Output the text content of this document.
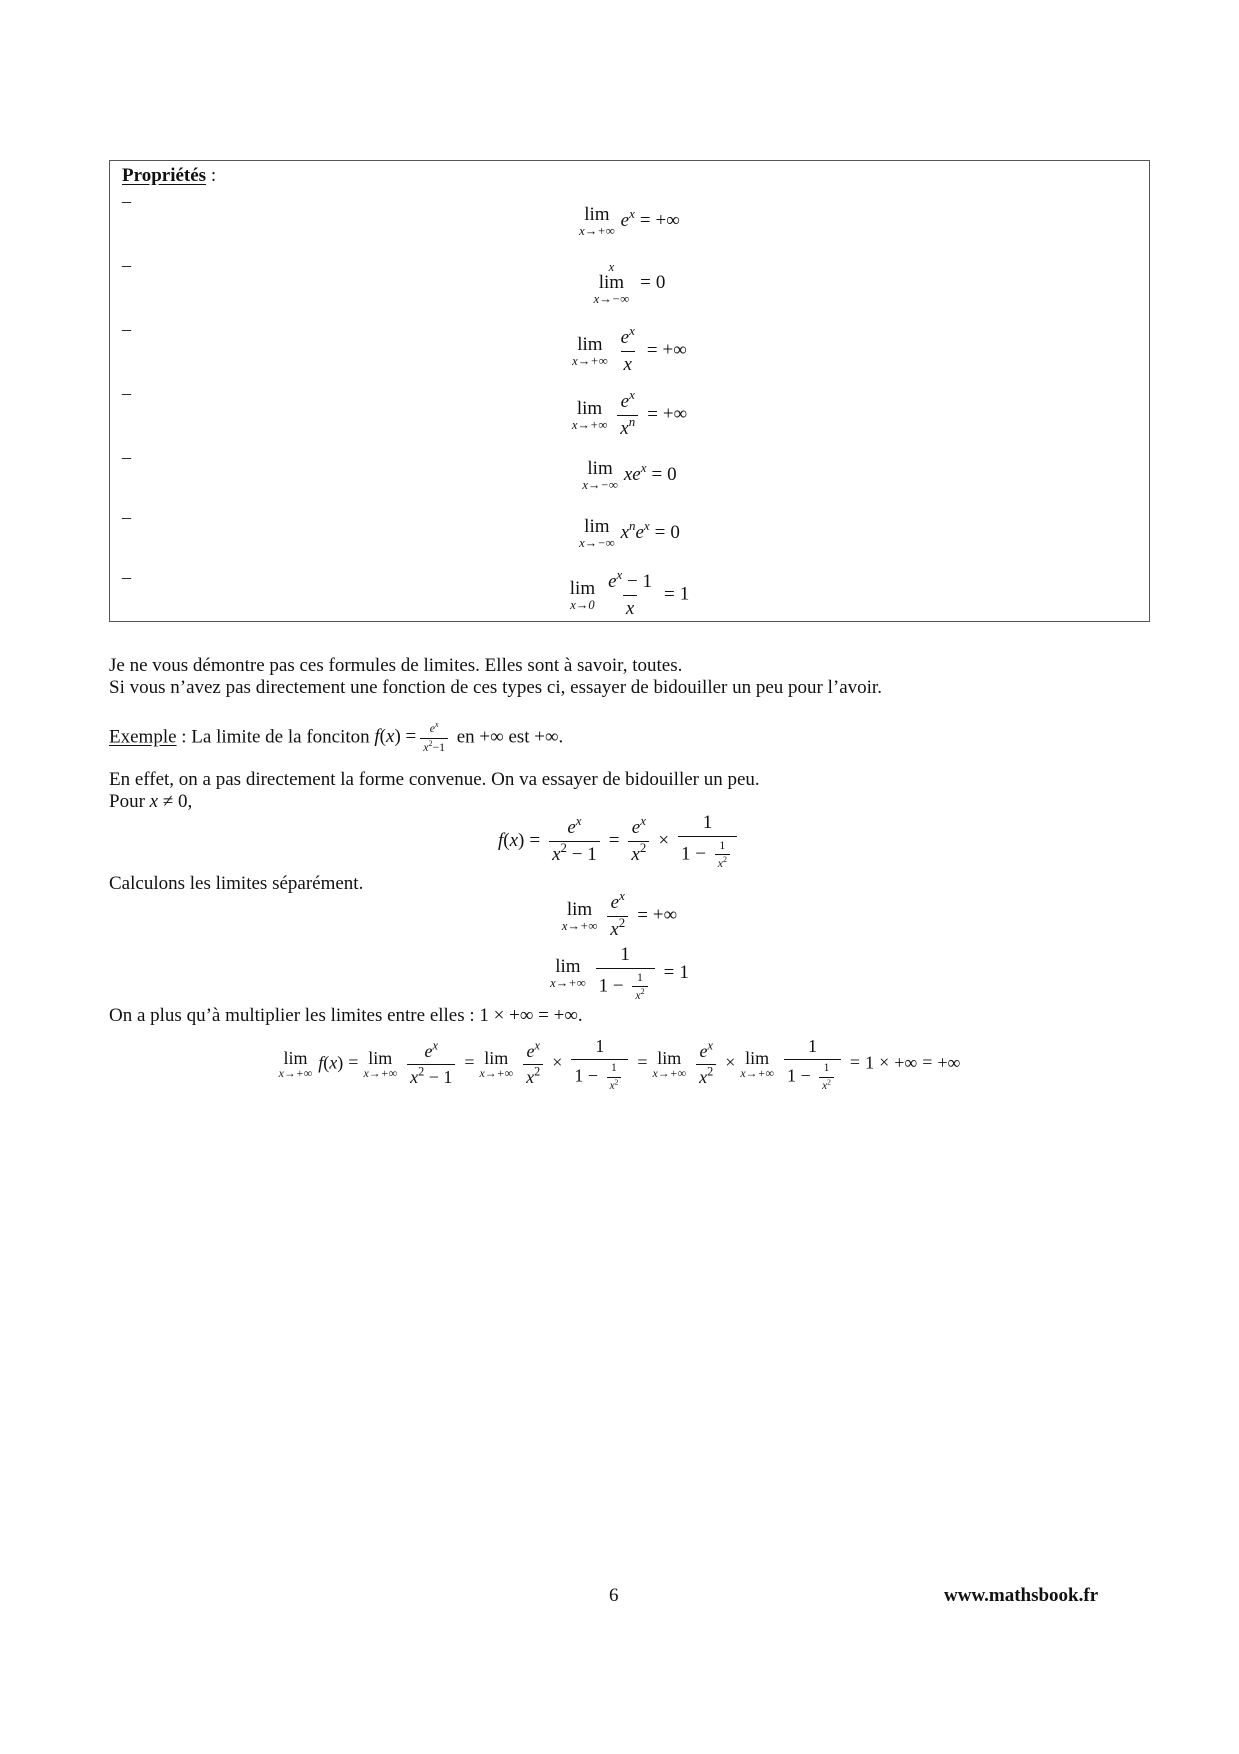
Propriétés :
–
lim
x→+∞
$e^x$ = +∞
–	x
lim
x→−∞
= 0
–
lim
$x\to+\infty \frac{e^x}{x}$ = +∞
–
lim
$x\to+\infty \frac{e^x}{x^n}$ = +∞
–
lim
x→−∞
$xe^x = 0$
–	lim
x→−∞
$x^ne^x = 0$
–
lim
$x\to 0 \frac{e^x - 1}{x} = 1$
Je ne vous démontre pas ces formules de limites. Elles sont à savoir, toutes.
Si vous n’avez pas directement une fonction de ces types ci, essayer de bidouiller un peu pour l’avoir.
Exemple : La limite de la fonciton $f(x) = \frac{e^x}{x^2-1}$ en +∞ est +∞.
En effet, on a pas directement la forme convenue. On va essayer de bidouiller un peu.
Pour x ≠ 0,
$f(x) = \frac{e^x}{x^2 - 1} = \frac{e^x}{x^2} \times \frac{1}{1 - \frac{1}{x^2}}$
Calculons les limites séparément.
lim
$x\to+\infty \frac{e^x}{x^2}$ = +∞
lim
$x\to+\infty \frac{1}{1 - \frac{1}{x^2}} = 1$
On a plus qu’à multiplier les limites entre elles : 1 × +∞ = +∞.
lim
x→+∞
f(x) = lim
$x\to+\infty \frac{e^x}{x^2 - 1} = \lim$
$x\to+\infty \frac{e^x}{x^2} \times \frac{1}{1 - \frac{1}{x^2}} = \lim$
$x\to+\infty \frac{e^x}{x^2} \times \lim$
$x\to+\infty \frac{1}{1 - \frac{1}{x^2}} = 1$ × +∞ = +∞
6	www.mathsbook.fr
